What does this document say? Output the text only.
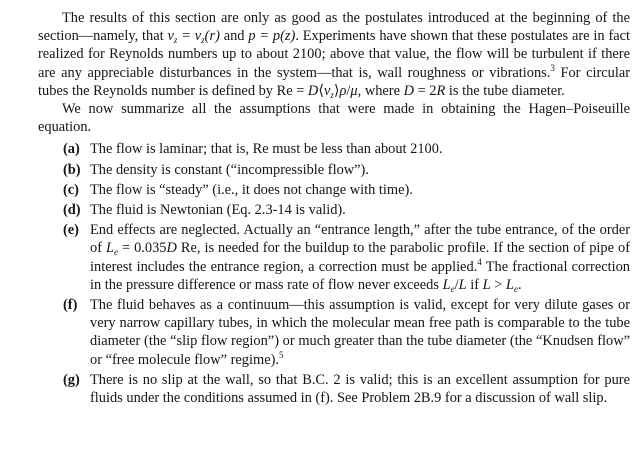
The results of this section are only as good as the postulates introduced at the beginning of the section—namely, that $v_z = v_z(r)$ and p = p(z). Experiments have shown that these postulates are in fact realized for Reynolds numbers up to about 2100; above that value, the flow will be turbulent if there are any appreciable disturbances in the system—that is, wall roughness or vibrations.$^3$ For circular tubes the Reynolds number is defined by $Re = D⟨v_z⟩\rho/\mu$, where D = 2R is the tube diameter.

We now summarize all the assumptions that were made in obtaining the Hagen–Poiseuille equation.

(a) The flow is laminar; that is, Re must be less than about 2100.
(b) The density is constant (“incompressible flow”).
(c) The flow is “steady” (i.e., it does not change with time).
(d) The fluid is Newtonian (Eq. 2.3-14 is valid).
(e) End effects are neglected. Actually an “entrance length,” after the tube entrance, of the order of $L_e = 0.035D$ Re, is needed for the buildup to the parabolic profile. If the section of pipe of interest includes the entrance region, a correction must be applied.$^4$ The fractional correction in the pressure difference or mass rate of flow never exceeds $L_e/L$ if $L > L_e$.
(f) The fluid behaves as a continuum—this assumption is valid, except for very dilute gases or very narrow capillary tubes, in which the molecular mean free path is comparable to the tube diameter (the “slip flow region”) or much greater than the tube diameter (the “Knudsen flow” or “free molecule flow” regime).$^5$
(g) There is no slip at the wall, so that B.C. 2 is valid; this is an excellent assumption for pure fluids under the conditions assumed in (f). See Problem 2B.9 for a discussion of wall slip.
